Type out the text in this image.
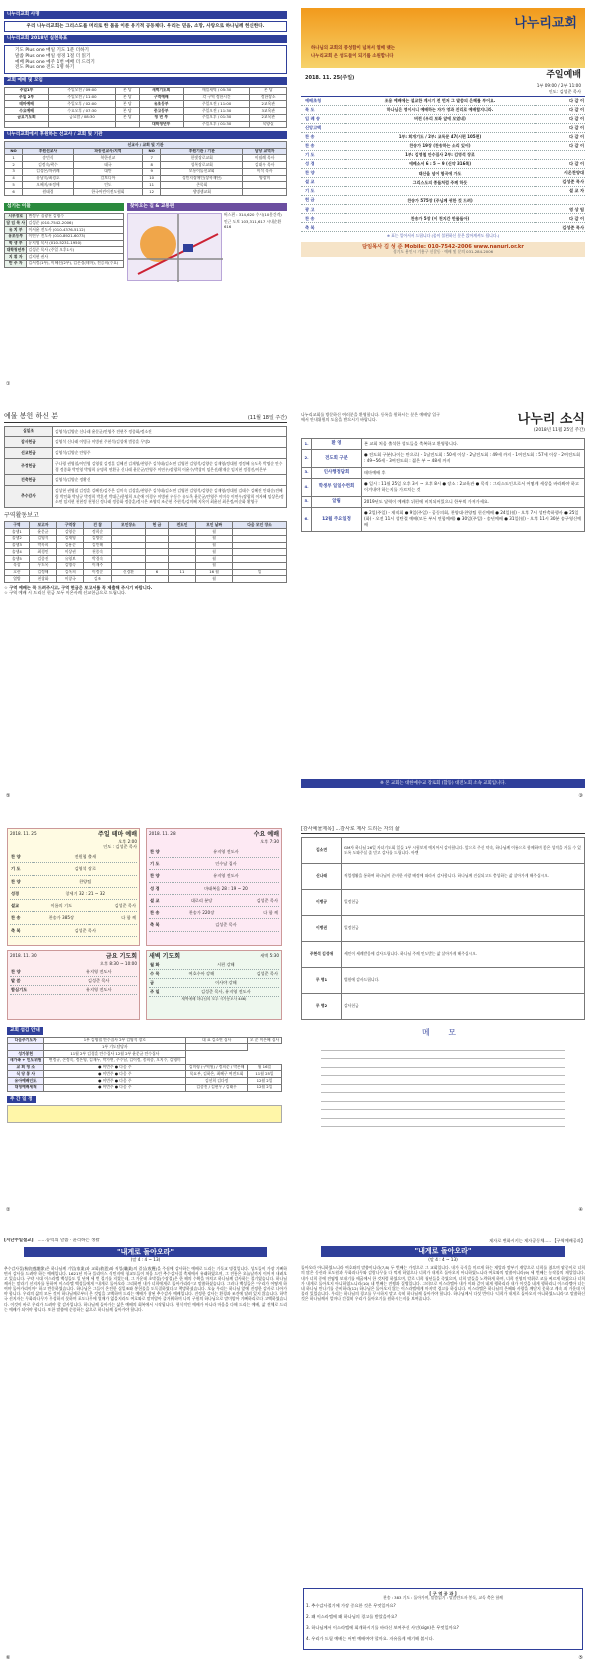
나누리교회 사명
우리 나누리교회는 그리스도를 머리로 한 몸을 이룬 유기적 공동체다. 우리는 믿음, 소망, 사랑으로 하나님께 헌신한다.
나누리교회 2018년 실천목표
기도 Plus one 매일 기도 1분 더하기
말씀 Plus one 매일 성경 1절 더 읽기
예배 Plus one 예주 1번 예배 더 드리기
전도 Plus one 전도 1명 하기
교회 예배 및 모임
주일1부	주일오전 / 09:00	본 당	새벽기도회	매일새벽 / 05:30	본 당
주일 2부	주일오전 / 11:00	본 당	구역예배	각 구역 정한시간	정한장소
테마예배	주일오후 / 02:00	본 당	유초등부	주일오전 / 11:00	2교육관
수요예배	수요오후 / 07:30	본 당	중고등부	주일오전 / 11:30	3교육관
금요기도회	금요밤 / 08:30	본 당	청 년 부	주일오후 / 01:30	2교육관
			대학청년부	주일오후 / 01:30	목양실
나누리교회에서 후원하는 선교사 / 교회 및 기관
선교사 / 교회 및 기관					
NO	후원선교사	파송선교사/지역	NO	후원기관 / 기관	담당 교역자
1	송민식	북한선교	7	한빛장로교회	이필례 목사
2	김정숙/곽수	태국	8	성복장로교회	김대우 목사
3	김성은/차귀례	대만	9	모퉁이돌선교회	이석 목사
4	유남숙/최경호	캄보디아	10	성민지장애인(장학재단)	양장미
5	오혜지/조정애	인도	11	존목회	
6	원태경	한국어린이전도협회	12	생명샘교회	
섬기는 이들
시무장로	변정우 집광천 김영수
담 임 목 사	김성준 (010-7542-2006)
유 치 부	이서윤 전도사 (010-4376-5112)
유초등부	이연우 전도사 (010-8921-6073)
학 생 부	유지영 목사 (010-5231-1950)
대학청년부	김성준 목사 (주일 오후1시)
지 휘 자	김지현 권사
반 주 자	김서정(1부), 이혜선(2부), 김은경(테마), 전승희(수요)
찾아오는 길 & 교통편
버스편 : 314,620 수시(10분간격)
인근 도보 103,311,617 시내순환 616
①
나누리교회
하나님의 교회의 풍성함이 넘쳐서 열매 맺는
나누리교회 온 성도들이 되기를 소원합니다
2018. 11. 25(주일)	주일예배
1부 09:00 / 2부 11:00
인도: 김성준 목사
예배초청	조용 예배에는 설교한 계시기 전 먼저 그 말씀의 은혜를 부어요.	다 같 이
묵 도	하나님은 영이시니 예배하는 자가 영과 진리로 예배할지니라.	다 같 이
입 례 송	버전 (우리 보좌 앞에 모였네)	다 같 이
신앙고백		다 같 이
찬 송	1부: 회개기도 / 2부: 교독문 47(시편 105편)	다 같 이
찬 송	찬송가 19장 (찬송하는 소리 있어)	다 같 이
기 도	1부: 김영철 안수집사 2부: 김영석 장로	
성 경	에베소서 6 : 5 ~ 9 (신약 316쪽)	다 같 이
찬 양	태산을 넘어 험곡에 가도	시온찬양대
설 교	그리스도의 종들처럼 주께 하듯	김성준 목사
기 도		설 교 자
헌 금	찬송가 575장 (주님께 귀한 것 드려)	
광 고		영 상 팀
찬 송	찬송가 5장 (이 천지간 만물들아)	다 같 이
축 복		김성준 목사
※ 표는 일어서서 드립니다 (몸이 불편하신 분은 앉아계셔도 됩니다.)
담임목사 김 성 준 Mobile: 010-7542-2006 www.nanuri.or.kr
경기도 용인시 기흥구 신갈동 · 예배 및 문의 031-284-2006
예물 봉헌 하신 분	(11월 18일 주간)
십일조	김영석/김양순 신나래 윤문균/안영주 전현주 정종화/정소진
감사헌금	김영석 신나래 이병규 이병권 주현석/김성애 범종훈 무명2
선교헌금	김영석/김양순 안영주
주정헌금	구나령 권영철/이민영 김영철 김정훈 김혜진 김재영/천영주 김석태/김소연 김영찬 김영석/김양순 김재영/정대원 정정혜 유도옥 박명순 안수경 정종화 박민영 박영희 유명희 연환규 신나래 윤문균/안영주 이연우/장광희 이윤수/박창미 임은선/황재순 임지현 정경진/이은부
건축헌금	김영석/김양순 정황신
추수감사	김상현 권영철 김정훈 김혜진/김주은 김미숙 김상훈/천영주 김석태/김소연 김영찬 김영석/김양순 김재영/정대원 김태수 김혜진 안대순/전혜림 박인화 박남규 박정희 박혼선 박대근/한영희 오순애 이경우 이병권 우동수 유도옥 윤문균/안영주 이미숙 이연우/장광희 이자혜 임상은/정소연 임지현 천현정 천형신 정나래 정종화 정종훈/정시은 조영덕 조준현 주현석/김미혜 지옥이 최윤선 최은정/이순화 황영구
구역활동보고
구역	보고자	구역장	건 참	모인장소	헌 금	전도인	모인 날짜	다음 모인 장소
솔샘1	윤문균	김영순	정희순				월	
솔샘2	김영석	김재영	김양순				월	
솔샘3	박옥희	김용순	김인해				월	
솔샘4	최경민	이상권	천종숙				월	
솔샘5	김종진	유영보	박경숙				월	
목상	우도옥	김명숙	이재주				월	
호산	김정해	김옥희	이정순	신경환	6	11	16 월	일
열방	천창화	이창국	김조				월	
☆ 구역 예배는 꼭 드려주시고, 구역 헌금은 보고서를 꼭 제출해 주시기 바랍니다.
☆ 구역 예배 시 드리신 헌금 모두 이온사례 선교헌금으로 드립니다.
⑤
나누리교회를 방문하신 여러분을 환영합니다. 등록을 원하시는 분은 예배당 입구에서 안내위원의 도움을 받으시기 바랍니다.	나누리 소식
(2018년 11월 25일 주간)
1.	환 영	본 교회 처음 출석한 성도들을 축복하고 환영합니다.
2.	전도회 구분	● 전도회 구분(나이는 만으로) - 1남전도회 : 50세 이상 - 2남전도회 : 49세 까지 - 1여전도회 : 57세 이상 - 2여전도회 : 49~56세 - 3여전도회 : 젊은 부 ~ 48세 까지
3.	인사행정담회	테마예배 후
4.	학생부 일일수련회	● 일시 : 11월 25일 오후 3시 ~ 오후 8시 ● 장소 : 2교육관 ● 목적 : 그리스도인으로서 어떻게 세상을 바라봐야 하고 이겨내야 하는지를 가르치는 것
5.	알림	2019년도 달력이 예배후 뒤편에 비치되어있으니 한부씩 가져가세요.
6.	12월 주요일정	● 2일(주일) - 제직회 ● 9일(주일) - 공동의회, 찬양대·찬양팀 헌신예배 ● 24일(월) - 오후 7시 성탄축하행사 ● 25일(화) - 오전 11시 성탄절 예배(모든 부서 연합예배) ● 30일(주일) - 송년예배 ● 31일(월) - 오후 11시 30분 송구영신예배
※ 본 교회는 대한예수교 장로회 (합동) 대전노회 소속 교회입니다.
③
2018. 11. 25	주일 테마 예배
오후 2:00
인도 : 김성준 목사
찬 양	전원협 출새	
기 도	김영석 장로	
찬 양	찬양팀	
성경	창세기 32 : 21 ~ 32	
설교	이름의 기도	김성준 목사
찬 송	찬송가 385장	다 함 께
축 복	김성준 목사	
2018. 11. 28	수요 예배
오후 7:30
찬 양	유지영 전도사	
기 도	인수남 집사	
찬 양	유지영 전도사	
성 경	마태복음 28 : 19 ~ 20	
설 교	대로리 분당	김성준 목사
찬 송	찬송가 220장	다 함 께
축 복	김성준 목사	
2018. 11. 30	금요 기도회
오후 8:30 ~ 10:00
찬 양	유지영 전도사
말 씀	김성준 목사
합심기도	유지영 전도사
새벽 기도회	새벽 5:30
월 화	시편 강해	
수 목	여호수아 강해	김성준 목사
금	이사야 강해	
주 일	김성준 목사, 유지영 전도사	
새벽예배 하나님의 모두 시가동오사 446)
교회 섬김 안내
다음주기도자	1부 김영철 안수집사 2부 김영석 장로	대 표 김소연 집사	오 순 이은혜 집사
	1부 기도담당자		
성가봉헌	11월 2부 김경훈 안수집사 12월 2부 윤문균 안수집사		
새가족 + 인도위원	변정규, 손정숙, 정은영, 김재두, 박가연, 주수남, 김이정, 송희종, 오지수, 김영미		
교 회 청 소	● 이번주 ● 다음 주	김미령 (구역원) / 정희순 / 박은해	월 16일
식 당 봉 사	● 이번주 ● 다음 주	목요부, 김하은, 최혜구 여전도회	11월 25일
유아예배인도	● 이번주 ● 다음 주	김선희 김다정	12월 2일
대청예배세척	● 이번주 ● 다음 주	김종진 / 김현우 / 김태우	12월 2일
주 간 일 정
②
[감사예물제목] ...감사로 제사 드리는 자의 삶
김소연	GM자 하나님 26일 자녀기도회 일들 1부 시험보게 예지어서 감사합니다. 앞으로 주신 약속, 하나님께 이름으로 함께하며 좋은 성적을 거둘 수 있도록 도와주실 줄 믿고 감사를 드립니다. 아멘
신나래	직업생활을 통하여 하나님이 준비한 사랑 배정에 따라서 감사합니다. 하나님께 진실되고도 충성하는 삶 살아가게 해주십시오.
이병규	일정헌금
이병권	일정헌금
주현석 김성애	세인이 세례받음에 감사드립니다. 하나님 주께 인도받는 삶 살아가게 해주십시오.
무 명1	법원에 감사드립니다.
무 명2	감사헌금
메 모
④
[지난주일설교] ......능력의 말씀 · 윤리하는 생활
"내게로 돌아오라"
(말 4 : 4 ~ 13)
추수감사절(秋收感謝節)은 하나님께 기업(家業)과 교회(救恩)와 직업(職業)의 결실(收穫)을 주심에 감사하는 예배로 드리는 기독교 명절입니다. 성도들이 가장 기뻐하면서 감사를 드려야 하는 예배입니다. 1621년 미국 플리머스 식민지에 청교도들이 처음 드린 추수감사절 축제에서 유래하였으며, 그 전통은 오늘날까지 이어져 내려오고 있습니다. 구약 시대 이스라엘 백성들도 일 년에 세 번 절기를 지켰는데, 그 가운데 초막절(수장절)은 한 해의 수확을 마치고 하나님께 감사하는 절기였습니다. 하나님께서는 말라기 선지자를 통하여 이스라엘 백성들에게 "내게로 돌아오라 그리하면 내가 너희에게로 돌아가리라"고 말씀하셨습니다. 그러나 백성들은 "우리가 어떻게 하여야 돌아가리이까" 하고 반문하였습니다. 하나님은 그들이 온전한 십일조와 봉헌물을 도둑질하였다고 책망하셨습니다. 오늘 우리는 하나님 앞에 진정한 감사로 나아가야 합니다. 우리의 삶의 모든 것이 하나님께로부터 온 것임을 고백하며 드리는 예배가 참된 추수감사 예배입니다. 진정한 감사는 환경과 조건에 달려 있지 않습니다. 하박국 선지자는 무화과나무가 무성하지 못하며 포도나무에 열매가 없을지라도 여호와로 말미암아 즐거워하며 나의 구원의 하나님으로 말미암아 기뻐하리로다 고백하였습니다. 이것이 바로 우리가 드려야 할 감사입니다. 하나님께 돌아가는 삶은 예배의 회복에서 시작됩니다. 형식적인 예배가 아니라 마음을 다해 드리는 예배, 삶 전체로 드리는 예배가 되어야 합니다. 또한 말씀에 순종하는 삶으로 하나님께 돌아가야 합니다.
⑥
제자로 변화시키는 제자공동체..... 【구역예배공과】
"내게로 돌아오라"
(말 4 : 4 ~ 13)
돌아오라 아니하였느니라 여호와의 말씀이니라(7,8) 두 번째는 가정으로 그 교회입니다. 내가 곡식을 미르게 하는 재앙과 깜부기 재앙으로 너희를 쳤으며 팥중이로 너희의 많은 동산과 포도원과 무화과나무와 감람나무를 다 먹게 하였으나 너희가 내게로 돌아오지 아니하였느니라 여호와의 말씀이니라(9) 세 번째는 농작물의 재앙입니다. 내가 너희 중에 전염병 보내기를 애굽에서 한 것처럼 하였으며, 칼로 너희 청년들을 죽였으며, 너희 말들을 노략하게 하며, 너희 진영의 악취로 코를 찌르게 하였으나 너희가 내게로 돌아오지 아니하였느니라(10) 네 번째는 전쟁과 질병입니다. 그러므로 이스라엘아 내가 이와 같이 네게 행하리라 내가 이것을 네게 행하리니 이스라엘아 너는 네 하나님 만나기를 준비하라(12) 하나님은 돌아오지 않는 이스라엘에게 마지막 경고를 하십니다. 이스라엘은 하나님의 은혜와 사랑을 깨닫지 못하고 계속 죄 가운데 머물러 있었습니다. 우리는 하나님의 경고를 무시하지 말고 속히 하나님께 돌아가야 합니다. 하나님께서 다섯 번이나 '너희가 내게로 돌아오지 아니하였느니라'고 말씀하신 것은 하나님께서 얼마나 간절히 우리가 돌아오기를 원하시는지를 보여줍니다.
[ 구 역 공 과 ]
찬송 : 383 기도 : 돌아가며, 말씀읽기 : 말씀안도자 봉독, 교독 축은 함께
1. 추수감사절기에 가장 중요한 것은 무엇일까요?
2. 왜 이스라엘에 왜 하나님의 경고를 받았을까요?
3. 하나님께서 이스라엘에 회개하시기를 바라신 보여주신 사인(sign)은 무엇일까요?
4. 우리가 드릴 예배는 어떤 예배여야 할까요. 자유롭게 얘기해 봅시다.
⑤
